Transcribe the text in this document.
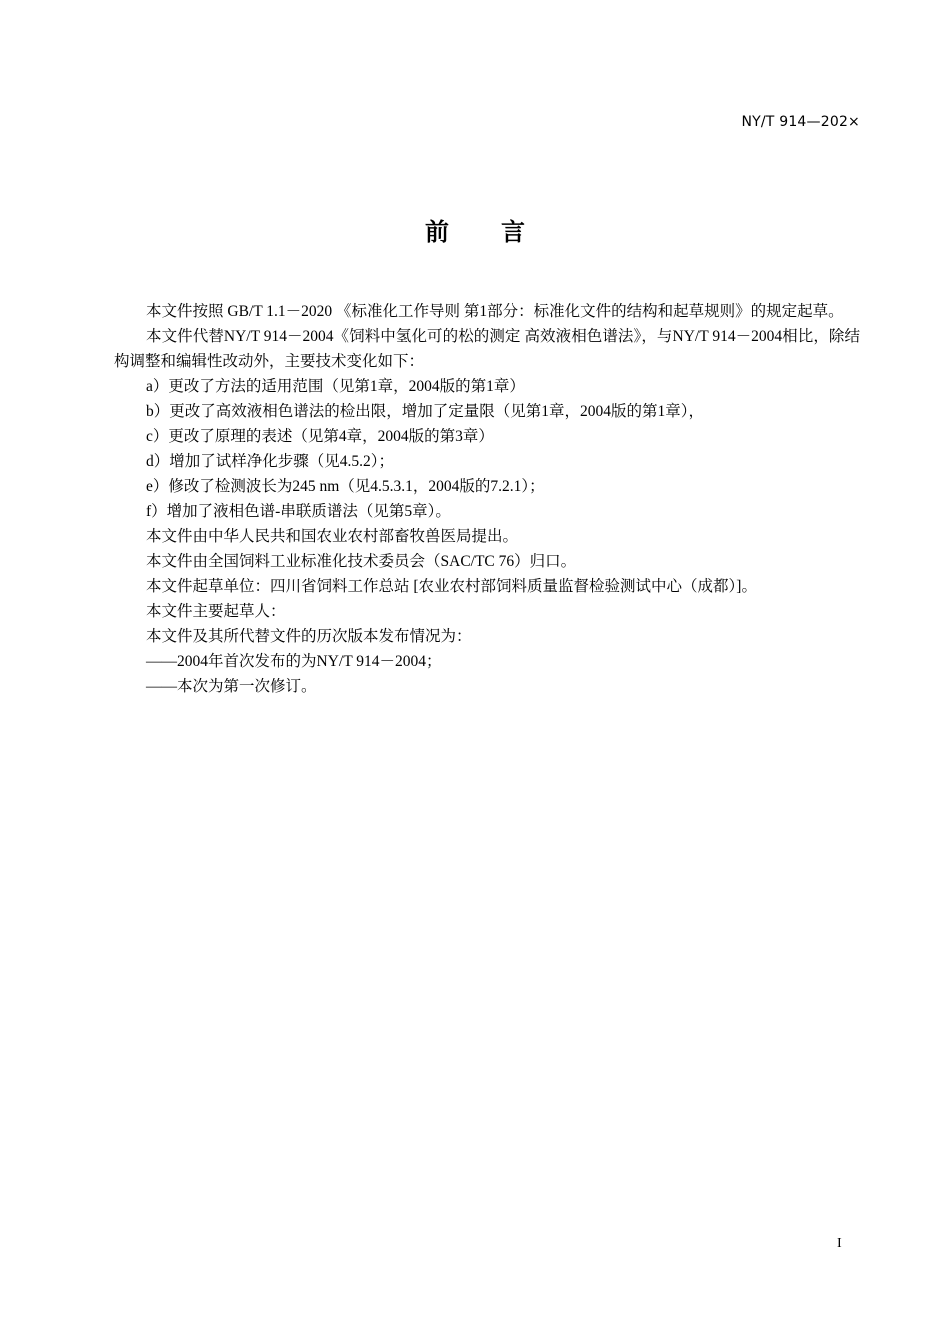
NY/T 914—202×
前 言

本文件按照 GB/T 1.1－2020 《标准化工作导则 第1部分：标准化文件的结构和起草规则》的规定起草。

本文件代替NY/T 914－2004《饲料中氢化可的松的测定 高效液相色谱法》，与NY/T 914－2004相比，除结构调整和编辑性改动外，主要技术变化如下：

a）更改了方法的适用范围（见第1章，2004版的第1章）

b）更改了高效液相色谱法的检出限，增加了定量限（见第1章，2004版的第1章），

c）更改了原理的表述（见第4章，2004版的第3章）

d）增加了试样净化步骤（见4.5.2）；

e）修改了检测波长为245 nm（见4.5.3.1，2004版的7.2.1）；

f）增加了液相色谱-串联质谱法（见第5章）。

本文件由中华人民共和国农业农村部畜牧兽医局提出。

本文件由全国饲料工业标准化技术委员会（SAC/TC 76）归口。

本文件起草单位：四川省饲料工作总站 [农业农村部饲料质量监督检验测试中心（成都）]。

本文件主要起草人：

本文件及其所代替文件的历次版本发布情况为：

——2004年首次发布的为NY/T 914－2004；

——本次为第一次修订。

I
